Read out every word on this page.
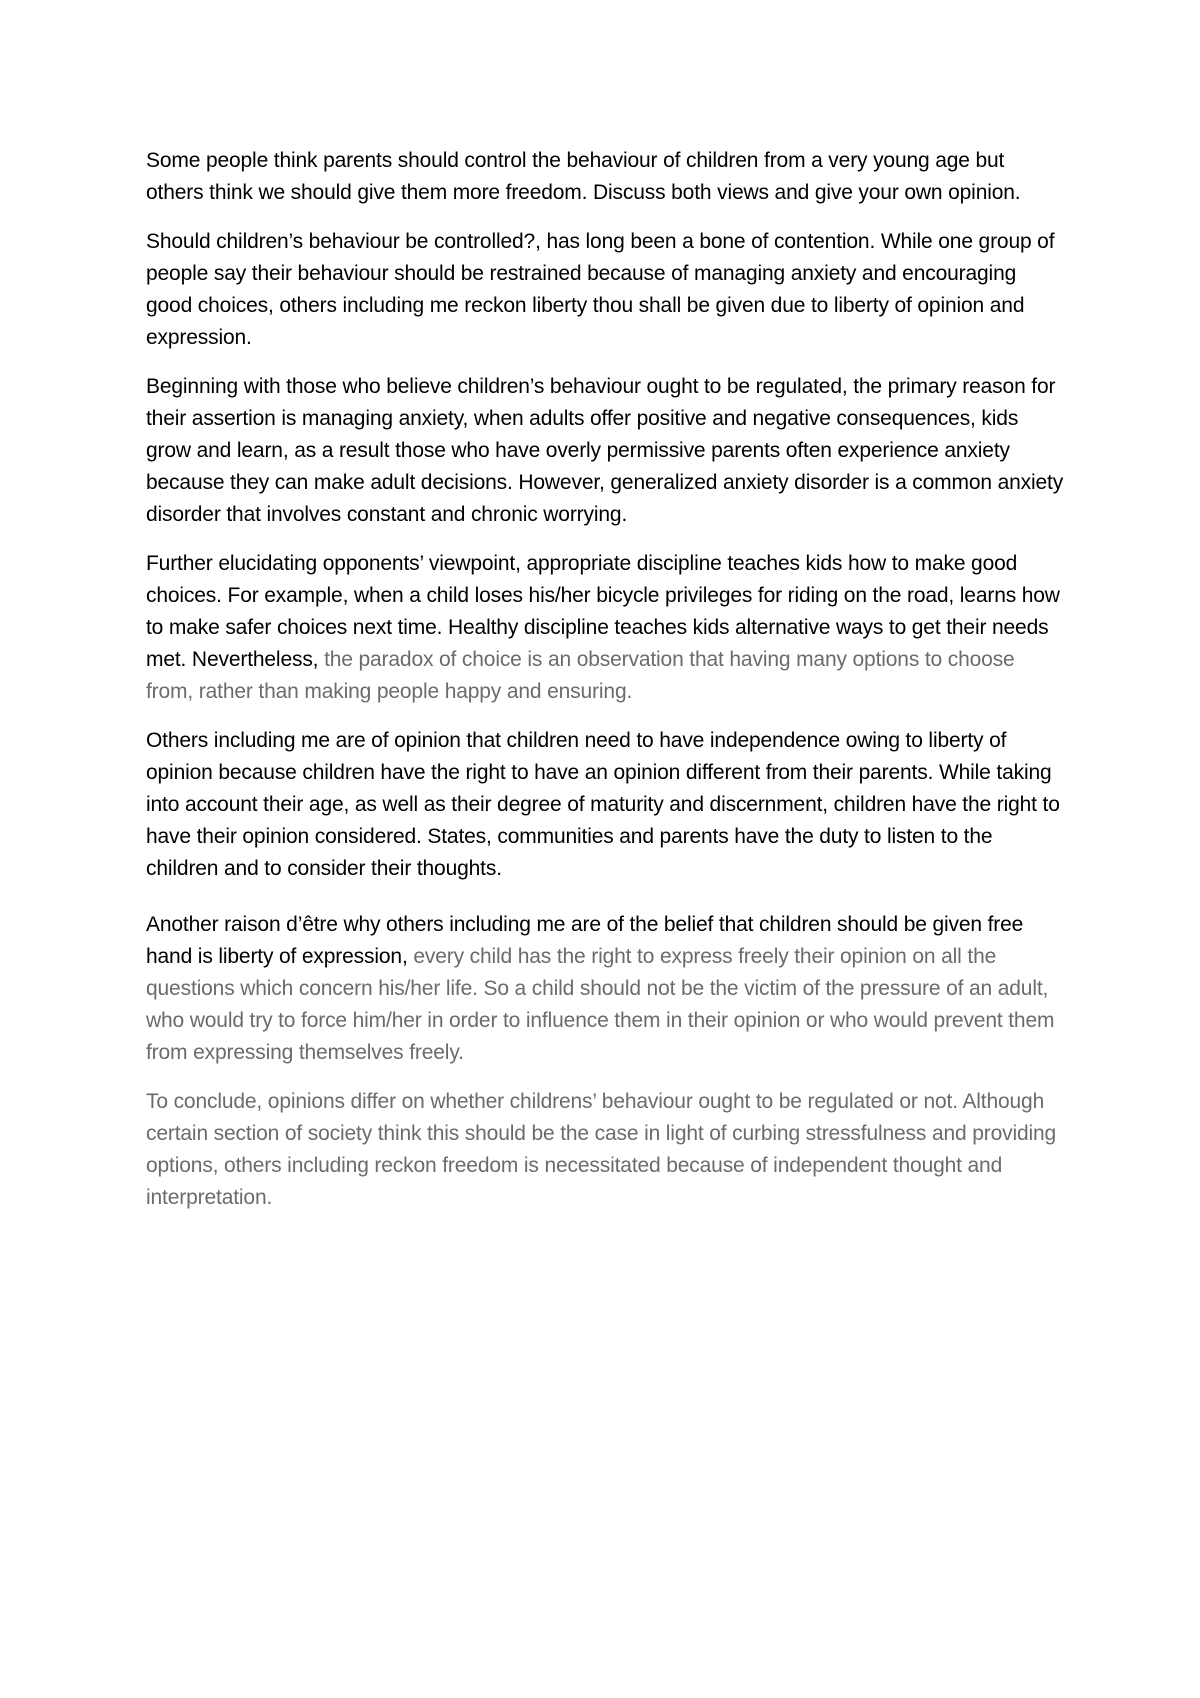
Some people think parents should control the behaviour of children from a very young age but others think we should give them more freedom. Discuss both views and give your own opinion.

Should children’s behaviour be controlled?, has long been a bone of contention. While one group of people say their behaviour should be restrained because of managing anxiety and encouraging good choices, others including me reckon liberty thou shall be given due to liberty of opinion and expression.

Beginning with those who believe children’s behaviour ought to be regulated, the primary reason for their assertion is managing anxiety, when adults offer positive and negative consequences, kids grow and learn, as a result those who have overly permissive parents often experience anxiety because they can make adult decisions. However, generalized anxiety disorder is a common anxiety disorder that involves constant and chronic worrying.

Further elucidating opponents’ viewpoint, appropriate discipline teaches kids how to make good choices. For example, when a child loses his/her bicycle privileges for riding on the road, learns how to make safer choices next time. Healthy discipline teaches kids alternative ways to get their needs met. Nevertheless, the paradox of choice is an observation that having many options to choose from, rather than making people happy and ensuring.

Others including me are of opinion that children need to have independence owing to liberty of opinion because children have the right to have an opinion different from their parents. While taking into account their age, as well as their degree of maturity and discernment, children have the right to have their opinion considered. States, communities and parents have the duty to listen to the children and to consider their thoughts.

Another raison d’être why others including me are of the belief that children should be given free hand is liberty of expression, every child has the right to express freely their opinion on all the questions which concern his/her life. So a child should not be the victim of the pressure of an adult, who would try to force him/her in order to influence them in their opinion or who would prevent them from expressing themselves freely.

To conclude, opinions differ on whether childrens’ behaviour ought to be regulated or not. Although certain section of society think this should be the case in light of curbing stressfulness and providing options, others including reckon freedom is necessitated because of independent thought and interpretation.
